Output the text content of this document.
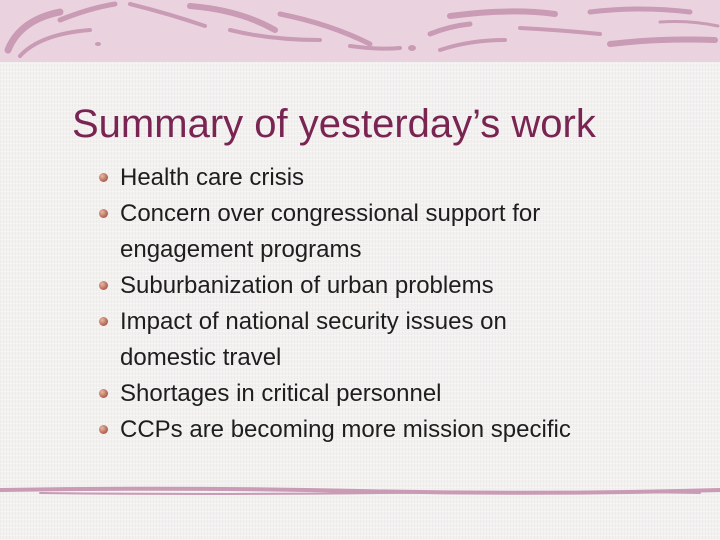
Summary of yesterday’s work
Health care crisis
Concern over congressional support for
engagement programs
Suburbanization of urban problems
Impact of national security issues on
domestic travel
Shortages in critical personnel
CCPs are becoming more mission specific
